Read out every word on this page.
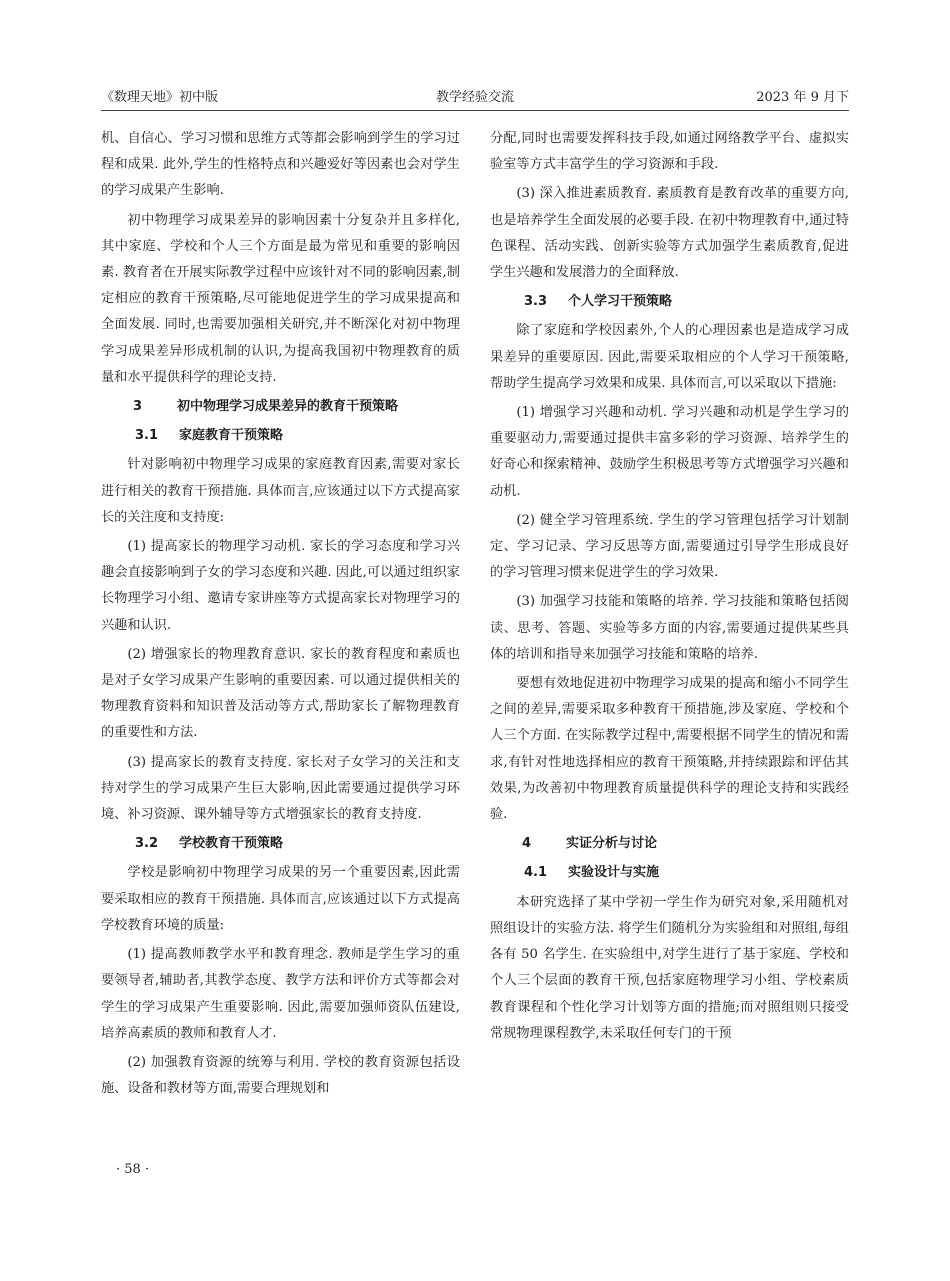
《数理天地》初中版	教学经验交流	2023 年 9 月下

机、自信心、学习习惯和思维方式等都会影响到学生的学习过程和成果. 此外,学生的性格特点和兴趣爱好等因素也会对学生的学习成果产生影响.

初中物理学习成果差异的影响因素十分复杂并且多样化,其中家庭、学校和个人三个方面是最为常见和重要的影响因素. 教育者在开展实际教学过程中应该针对不同的影响因素,制定相应的教育干预策略,尽可能地促进学生的学习成果提高和全面发展. 同时,也需要加强相关研究,并不断深化对初中物理学习成果差异形成机制的认识,为提高我国初中物理教育的质量和水平提供科学的理论支持.

3	初中物理学习成果差异的教育干预策略
3.1 家庭教育干预策略

针对影响初中物理学习成果的家庭教育因素,需要对家长进行相关的教育干预措施. 具体而言,应该通过以下方式提高家长的关注度和支持度:

(1) 提高家长的物理学习动机. 家长的学习态度和学习兴趣会直接影响到子女的学习态度和兴趣. 因此,可以通过组织家长物理学习小组、邀请专家讲座等方式提高家长对物理学习的兴趣和认识.

(2) 增强家长的物理教育意识. 家长的教育程度和素质也是对子女学习成果产生影响的重要因素. 可以通过提供相关的物理教育资料和知识普及活动等方式,帮助家长了解物理教育的重要性和方法.

(3) 提高家长的教育支持度. 家长对子女学习的关注和支持对学生的学习成果产生巨大影响,因此需要通过提供学习环境、补习资源、课外辅导等方式增强家长的教育支持度.

3.2 学校教育干预策略

学校是影响初中物理学习成果的另一个重要因素,因此需要采取相应的教育干预措施. 具体而言,应该通过以下方式提高学校教育环境的质量:

(1) 提高教师教学水平和教育理念. 教师是学生学习的重要领导者,辅助者,其教学态度、教学方法和评价方式等都会对学生的学习成果产生重要影响. 因此,需要加强师资队伍建设,培养高素质的教师和教育人才.

(2) 加强教育资源的统筹与利用. 学校的教育资源包括设施、设备和教材等方面,需要合理规划和

分配,同时也需要发挥科技手段,如通过网络教学平台、虚拟实验室等方式丰富学生的学习资源和手段.

(3) 深入推进素质教育. 素质教育是教育改革的重要方向,也是培养学生全面发展的必要手段. 在初中物理教育中,通过特色课程、活动实践、创新实验等方式加强学生素质教育,促进学生兴趣和发展潜力的全面释放.

3.3 个人学习干预策略

除了家庭和学校因素外,个人的心理因素也是造成学习成果差异的重要原因. 因此,需要采取相应的个人学习干预策略,帮助学生提高学习效果和成果. 具体而言,可以采取以下措施:

(1) 增强学习兴趣和动机. 学习兴趣和动机是学生学习的重要驱动力,需要通过提供丰富多彩的学习资源、培养学生的好奇心和探索精神、鼓励学生积极思考等方式增强学习兴趣和动机.

(2) 健全学习管理系统. 学生的学习管理包括学习计划制定、学习记录、学习反思等方面,需要通过引导学生形成良好的学习管理习惯来促进学生的学习效果.

(3) 加强学习技能和策略的培养. 学习技能和策略包括阅读、思考、答题、实验等多方面的内容,需要通过提供某些具体的培训和指导来加强学习技能和策略的培养.

要想有效地促进初中物理学习成果的提高和缩小不同学生之间的差异,需要采取多种教育干预措施,涉及家庭、学校和个人三个方面. 在实际教学过程中,需要根据不同学生的情况和需求,有针对性地选择相应的教育干预策略,并持续跟踪和评估其效果,为改善初中物理教育质量提供科学的理论支持和实践经验.

4	实证分析与讨论
4.1 实验设计与实施

本研究选择了某中学初一学生作为研究对象,采用随机对照组设计的实验方法. 将学生们随机分为实验组和对照组,每组各有 50 名学生. 在实验组中,对学生进行了基于家庭、学校和个人三个层面的教育干预,包括家庭物理学习小组、学校素质教育课程和个性化学习计划等方面的措施;而对照组则只接受常规物理课程教学,未采取任何专门的干预

· 58 ·
